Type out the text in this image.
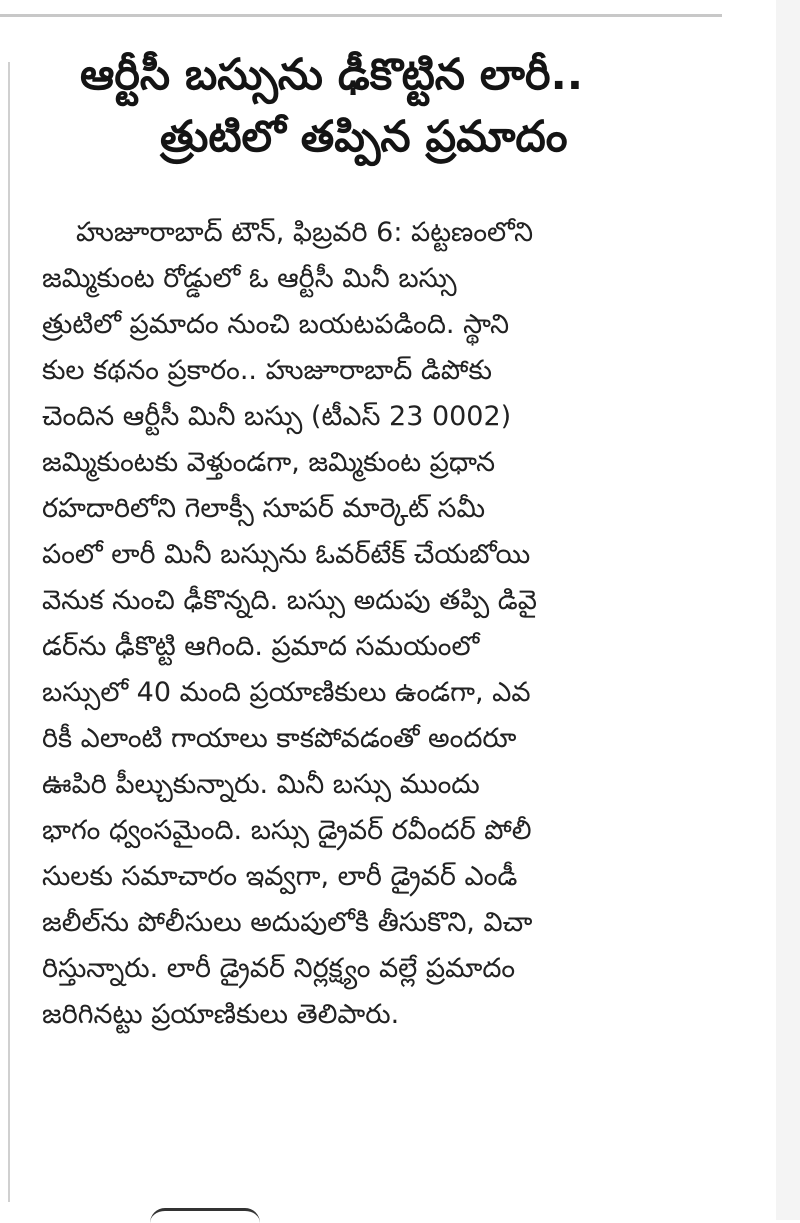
ఆర్టీసీ బస్సును ఢీకొట్టిన లారీ..
త్రుటిలో తప్పిన ప్రమాదం
హుజూరాబాద్ టౌన్, ఫిబ్రవరి 6: పట్టణంలోని
జమ్మికుంట రోడ్డులో ఓ ఆర్టీసీ మినీ బస్సు
త్రుటిలో ప్రమాదం నుంచి బయటపడింది. స్థాని
కుల కథనం ప్రకారం.. హుజూరాబాద్ డిపోకు
చెందిన ఆర్టీసీ మినీ బస్సు (టీఎస్ 23 0002)
జమ్మికుంటకు వెళ్తుండగా, జమ్మికుంట ప్రధాన
రహదారిలోని గెలాక్సీ సూపర్ మార్కెట్ సమీ
పంలో లారీ మినీ బస్సును ఓవర్‌టేక్ చేయబోయి
వెనుక నుంచి ఢీకొన్నది. బస్సు అదుపు తప్పి డివై
డర్‌ను ఢీకొట్టి ఆగింది. ప్రమాద సమయంలో
బస్సులో 40 మంది ప్రయాణికులు ఉండగా, ఎవ
రికీ ఎలాంటి గాయాలు కాకపోవడంతో అందరూ
ఊపిరి పీల్చుకున్నారు. మినీ బస్సు ముందు
భాగం ధ్వంసమైంది. బస్సు డ్రైవర్ రవీందర్ పోలీ
సులకు సమాచారం ఇవ్వగా, లారీ డ్రైవర్ ఎండీ
జలీల్‌ను పోలీసులు అదుపులోకి తీసుకొని, విచా
రిస్తున్నారు. లారీ డ్రైవర్ నిర్లక్ష్యం వల్లే ప్రమాదం
జరిగినట్టు ప్రయాణికులు తెలిపారు.
